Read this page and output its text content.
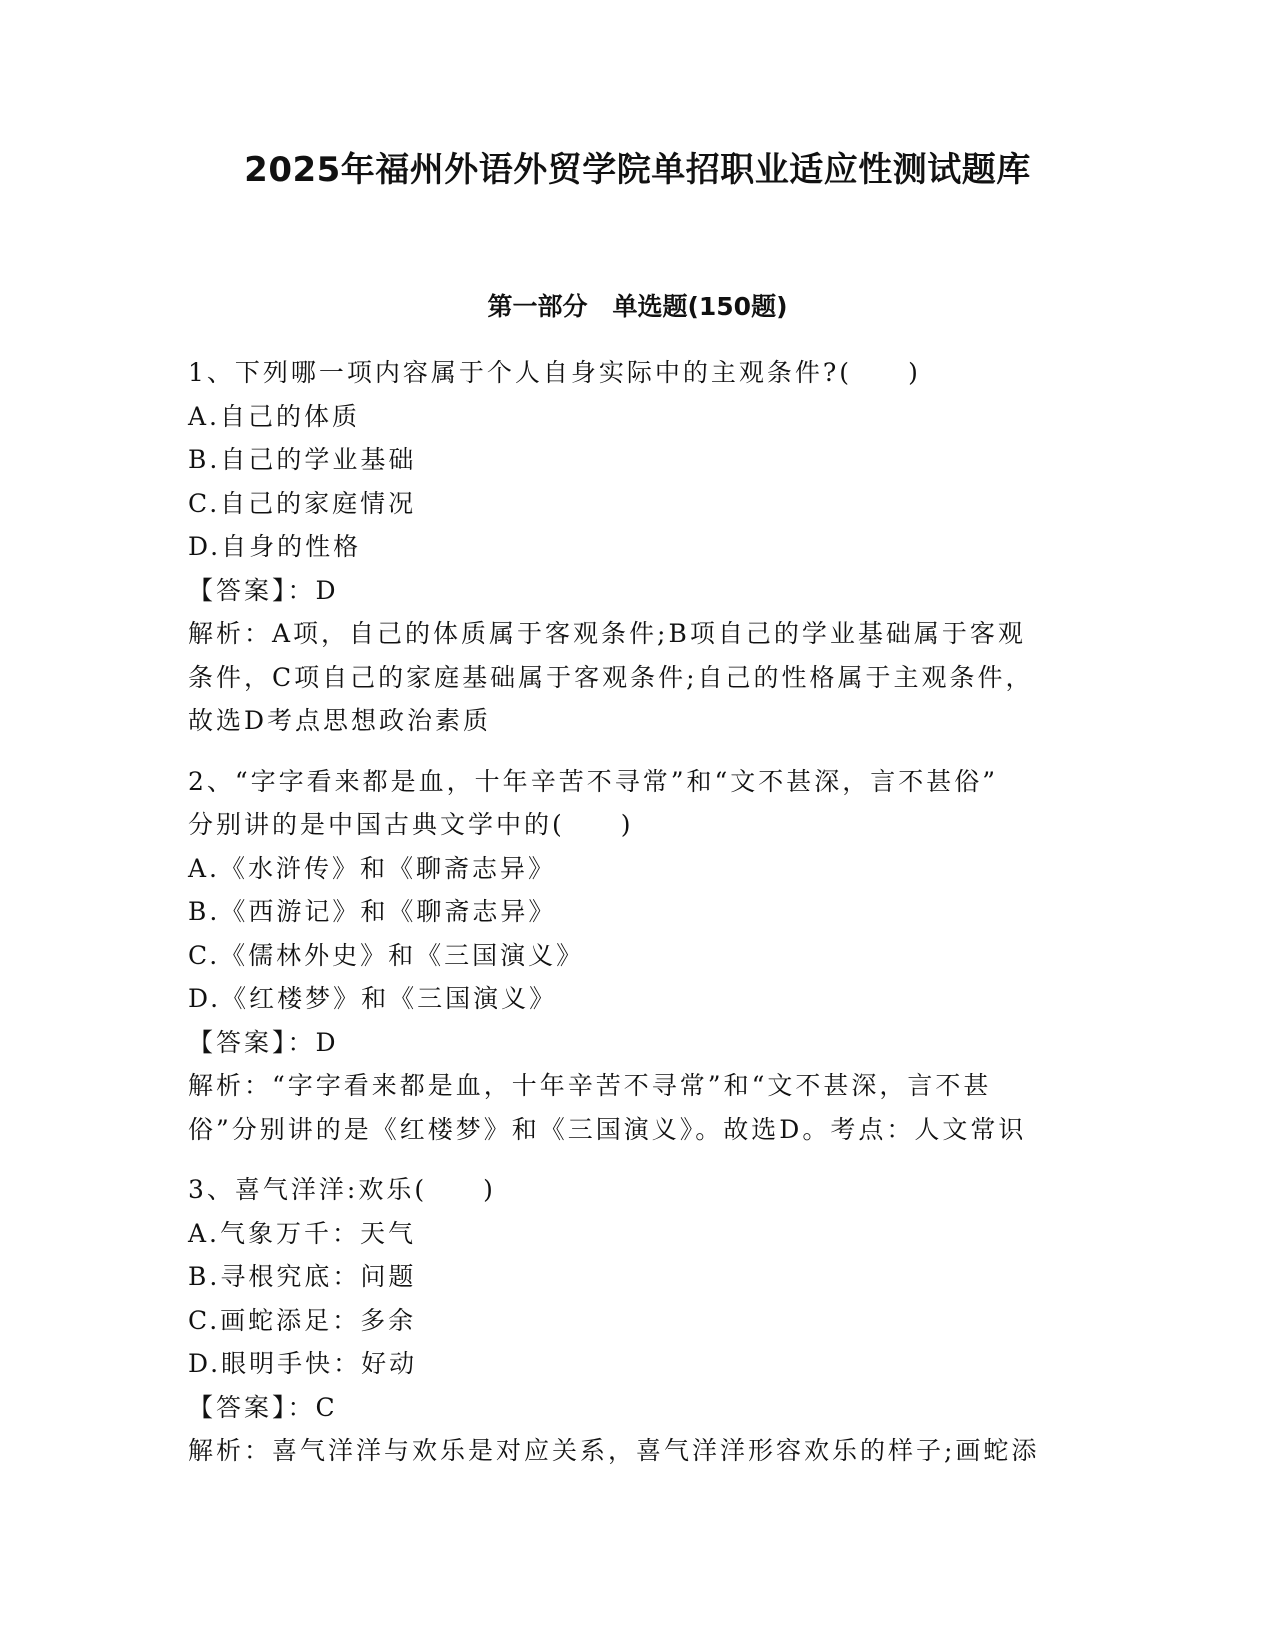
2025年福州外语外贸学院单招职业适应性测试题库
第一部分　单选题(150题)

1、下列哪一项内容属于个人自身实际中的主观条件?(　　)

A.自己的体质

B.自己的学业基础

C.自己的家庭情况

D.自身的性格

【答案】：D

解析：A项，自己的体质属于客观条件;B项自己的学业基础属于客观

条件，C项自己的家庭基础属于客观条件;自己的性格属于主观条件，

故选D考点思想政治素质

2、“字字看来都是血，十年辛苦不寻常”和“文不甚深，言不甚俗”

分别讲的是中国古典文学中的(　　)

A.《水浒传》和《聊斋志异》

B.《西游记》和《聊斋志异》

C.《儒林外史》和《三国演义》

D.《红楼梦》和《三国演义》

【答案】：D

解析：“字字看来都是血，十年辛苦不寻常”和“文不甚深，言不甚

俗”分别讲的是《红楼梦》和《三国演义》。故选D。考点：人文常识

3、喜气洋洋:欢乐(　　)

A.气象万千：天气

B.寻根究底：问题

C.画蛇添足：多余

D.眼明手快：好动

【答案】：C

解析：喜气洋洋与欢乐是对应关系，喜气洋洋形容欢乐的样子;画蛇添
